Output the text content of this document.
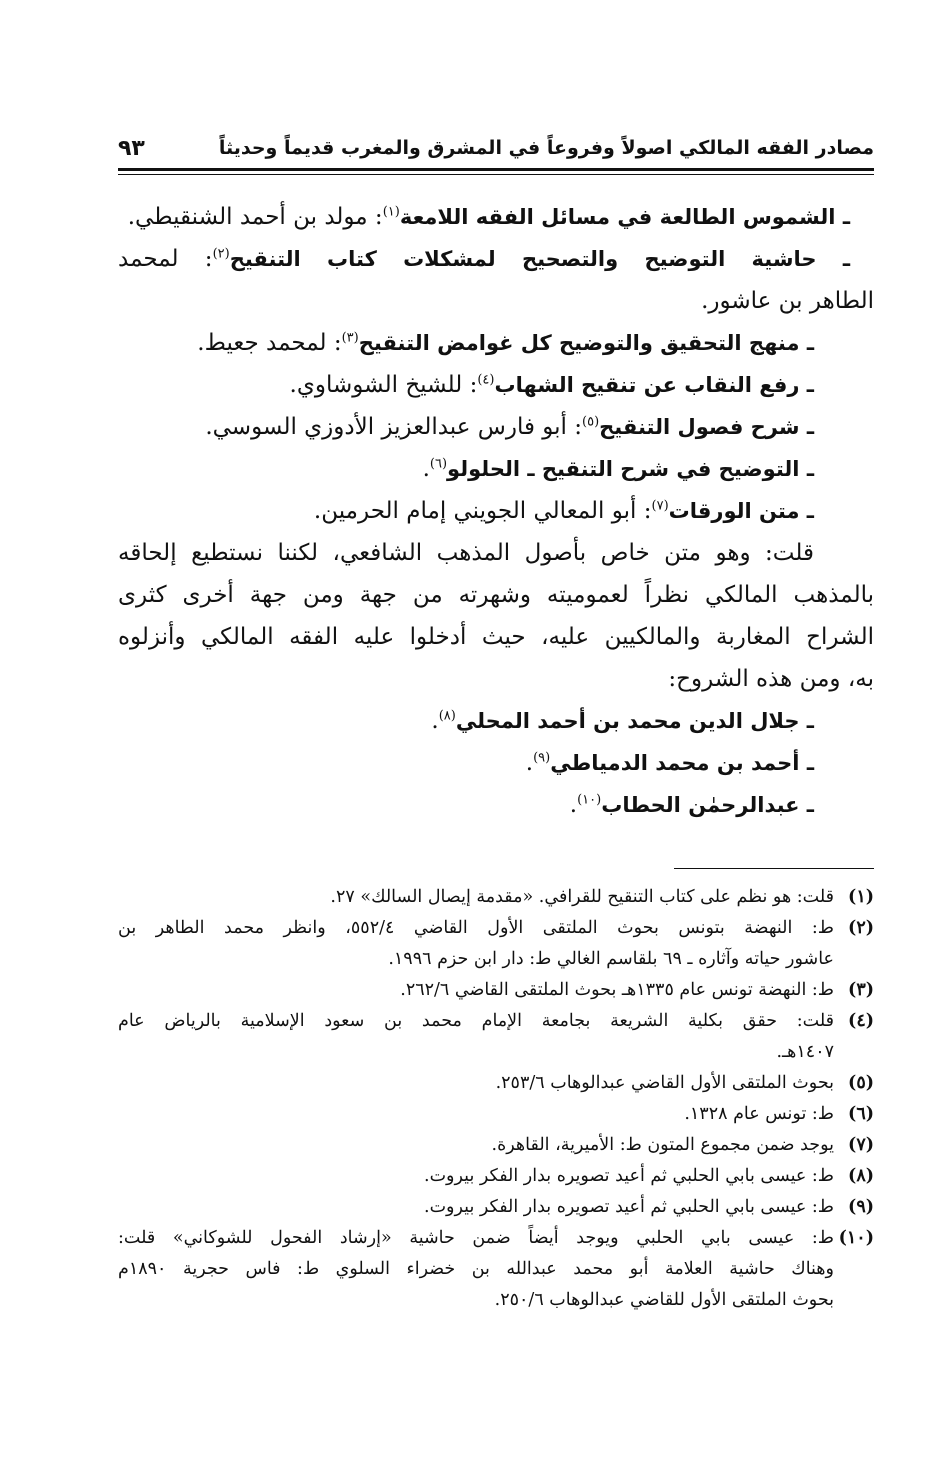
مصادر الفقه المالكي اصولاً وفروعاً في المشرق والمغرب قديماً وحديثاً
٩٣
ـ الشموس الطالعة في مسائل الفقه اللامعة$^{(١)}$: مولد بن أحمد الشنقيطي.
ـ حاشية التوضيح والتصحيح لمشكلات كتاب التنقيح$^{(٢)}$: لمحمد
الطاهر بن عاشور.
ـ منهج التحقيق والتوضيح كل غوامض التنقيح$^{(٣)}$: لمحمد جعيط.
ـ رفع النقاب عن تنقيح الشهاب$^{(٤)}$: للشيخ الشوشاوي.
ـ شرح فصول التنقيح$^{(٥)}$: أبو فارس عبدالعزيز الأدوزي السوسي.
ـ التوضيح في شرح التنقيح ـ الحلولو$^{(٦)}$.
ـ متن الورقات$^{(٧)}$: أبو المعالي الجويني إمام الحرمين.
قلت: وهو متن خاص بأصول المذهب الشافعي، لكننا نستطيع إلحاقه
بالمذهب المالكي نظراً لعموميته وشهرته من جهة ومن جهة أخرى كثرى
الشراح المغاربة والمالكيين عليه، حيث أدخلوا عليه الفقه المالكي وأنزلوه
به، ومن هذه الشروح:
ـ جلال الدين محمد بن أحمد المحلي$^{(٨)}$.
ـ أحمد بن محمد الدمياطي$^{(٩)}$.
ـ عبدالرحمٰن الحطاب$^{(١٠)}$.
(١)
قلت: هو نظم على كتاب التنقيح للقرافي. «مقدمة إيصال السالك» ٢٧.
(٢)
ط: النهضة بتونس بحوث الملتقى الأول القاضي ٥٥٢/٤، وانظر محمد الطاهر بن
عاشور حياته وآثاره ـ ٦٩ بلقاسم الغالي ط: دار ابن حزم ١٩٩٦.
(٣)
ط: النهضة تونس عام ١٣٣٥هـ بحوث الملتقى القاضي ٢٦٢/٦.
(٤)
قلت: حقق بكلية الشريعة بجامعة الإمام محمد بن سعود الإسلامية بالرياض عام
١٤٠٧هـ.
(٥)
بحوث الملتقى الأول القاضي عبدالوهاب ٢٥٣/٦.
(٦)
ط: تونس عام ١٣٢٨.
(٧)
يوجد ضمن مجموع المتون ط: الأميرية، القاهرة.
(٨)
ط: عيسى بابي الحلبي ثم أعيد تصويره بدار الفكر بيروت.
(٩)
ط: عيسى بابي الحلبي ثم أعيد تصويره بدار الفكر بيروت.
(١٠)
ط: عيسى بابي الحلبي ويوجد أيضاً ضمن حاشية «إرشاد الفحول للشوكاني» قلت:
وهناك حاشية العلامة أبو محمد عبدالله بن خضراء السلوي ط: فاس حجرية ١٨٩٠م
بحوث الملتقى الأول للقاضي عبدالوهاب ٢٥٠/٦.
